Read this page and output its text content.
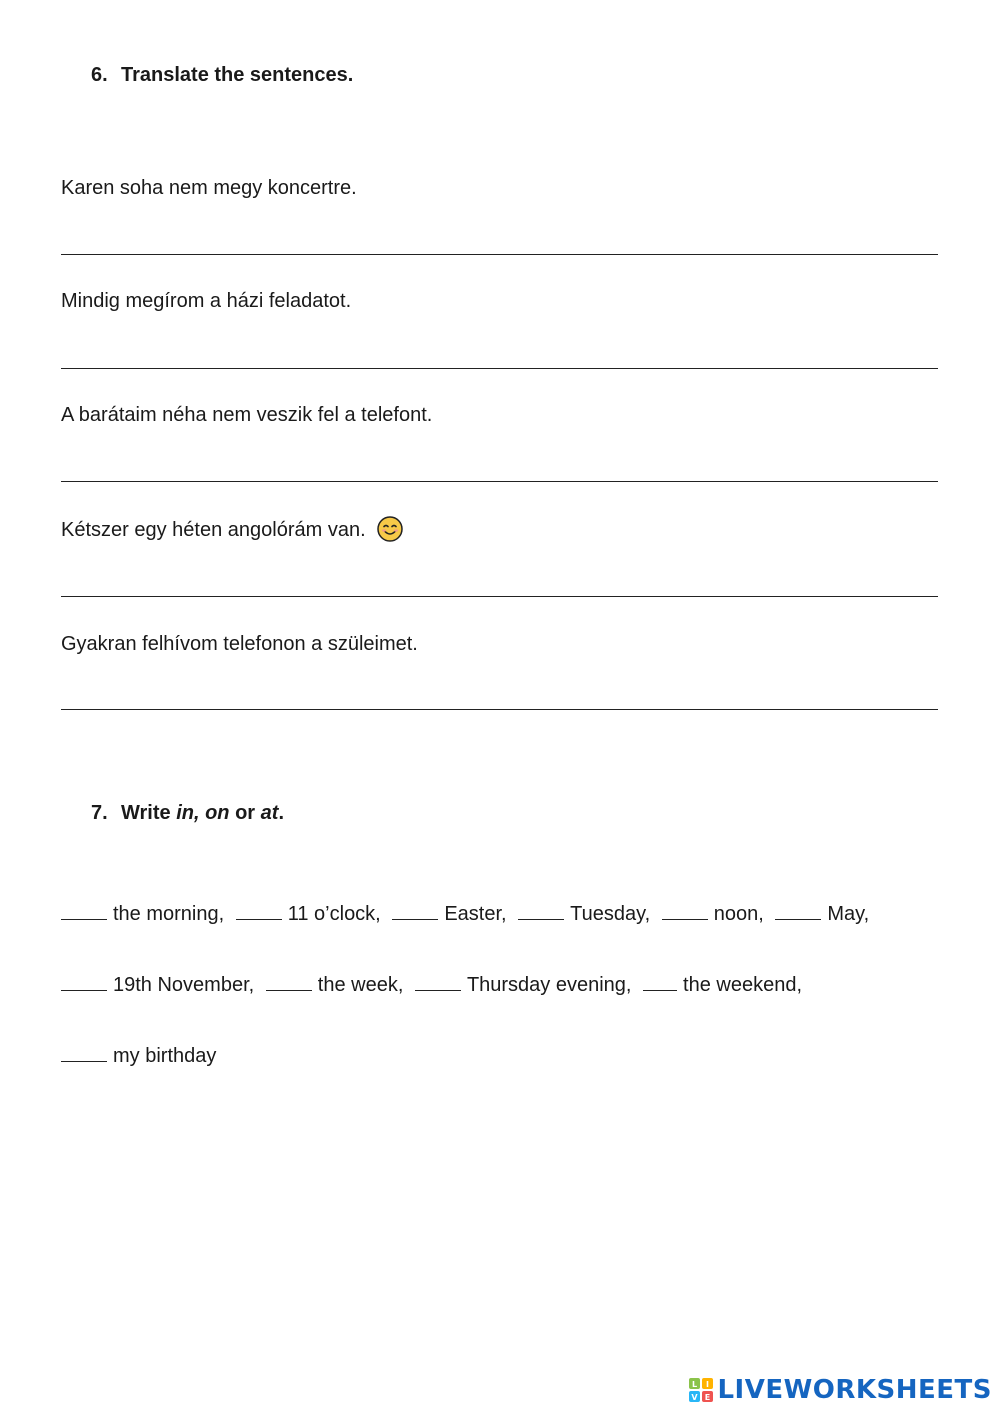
6. Translate the sentences.
Karen soha nem megy koncertre.
Mindig megírom a házi feladatot.
A barátaim néha nem veszik fel a telefont.
Kétszer egy héten angolórám van.
Gyakran felhívom telefonon a szüleimet.
7. Write in, on or at.
the morning,	11 o’clock,	Easter,	Tuesday,	noon,	May,
19th November,	the week,	Thursday evening,	the weekend,
my birthday
L I
V E LIVEWORKSHEETS
